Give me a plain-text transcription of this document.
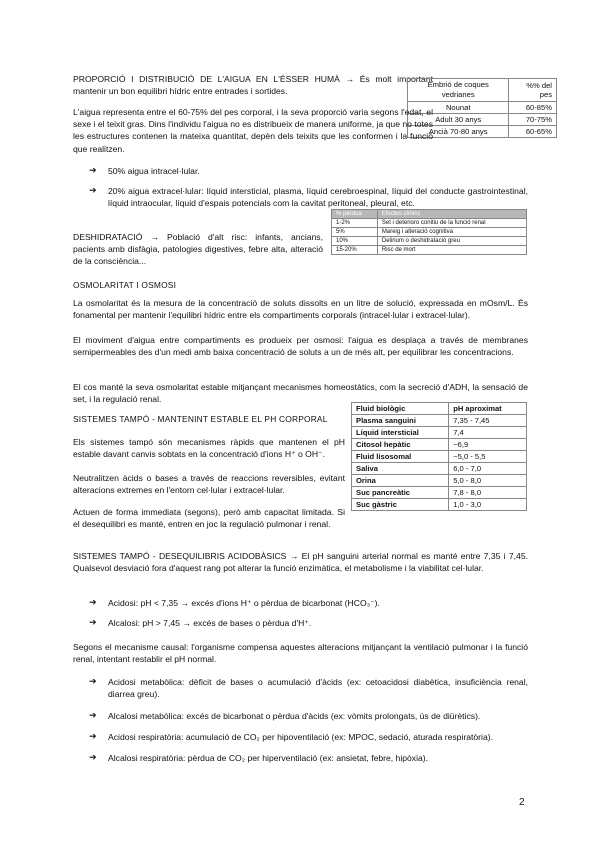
PROPORCIÓ I DISTRIBUCIÓ DE L'AIGUA EN L'ÉSSER HUMÀ → És molt important mantenir un bon equilibri hídric entre entrades i sortides.
Embrió de coques vedrianes	%% del pes
Nounat	60-85%
Adult 30 anys	70-75%
Ancià 70-80 anys	60-65%
L'aigua representa entre el 60-75% del pes corporal, i la seva proporció varia segons l'edat, el sexe i el teixit gras. Dins l'individu l'aigua no es distribueix de manera uniforme, ja que no totes les estructures contenen la mateixa quantitat, depèn dels teixits que les conformen i la funció que realitzen.
➔ 50% aigua intracel·lular.
➔ 20% aigua extracel·lular: líquid intersticial, plasma, líquid cerebroespinal, líquid del conducte gastrointestinal, líquid intraocular, líquid d'espais potencials com la cavitat peritoneal, pleural, etc.
% pèrdua	Efectes clínics
1-2%	Set i deterioro conitiu de la funció renal
5%	Mareig i alteració cognitiva
10%	Delirium o deshidratació greu
15-20%	Risc de mort
DESHIDRATACIÓ → Població d'alt risc: infants, ancians, pacients amb disfàgia, patologies digestives, febre alta, alteració de la consciència...
OSMOLARITAT I OSMOSI
La osmolaritat és la mesura de la concentració de soluts dissolts en un litre de solució, expressada en mOsm/L. És fonamental per mantenir l'equilibri hídric entre els compartiments corporals (intracel·lular i extracel·lular).
El moviment d'aigua entre compartiments es produeix per osmosi: l'aigua es desplaça a través de membranes semipermeables des d'un medi amb baixa concentració de soluts a un de més alt, per equilibrar les concentracions.
El cos manté la seva osmolaritat estable mitjançant mecanismes homeostàtics, com la secreció d'ADH, la sensació de set, i la regulació renal.
SISTEMES TAMPÓ - MANTENINT ESTABLE EL PH CORPORAL
Els sistemes tampó són mecanismes ràpids que mantenen el pH estable davant canvis sobtats en la concentració d'ions H⁺ o OH⁻.
Neutralitzen àcids o bases a través de reaccions reversibles, evitant alteracions extremes en l'entorn cel·lular i extracel·lular.
Actuen de forma immediata (segons), però amb capacitat limitada. Si el desequilibri es manté, entren en joc la regulació pulmonar i renal.
Fluid biològic	pH aproximat
Plasma sanguini	7,35 - 7,45
Líquid intersticial	7,4
Citosol hepàtic	~6,9
Fluid lisosomal	~5,0 - 5,5
Saliva	6,0 - 7,0
Orina	5,0 - 8,0
Suc pancreàtic	7,8 - 8,0
Suc gàstric	1,0 - 3,0
SISTEMES TAMPÓ - DESEQUILIBRIS ACIDOBÀSICS → El pH sanguini arterial normal es manté entre 7,35 i 7,45. Qualsevol desviació fora d'aquest rang pot alterar la funció enzimàtica, el metabolisme i la viabilitat cel·lular.
➔ Acidosi: pH < 7,35 → excés d'ions H⁺ o pèrdua de bicarbonat (HCO₃⁻).
➔ Alcalosi: pH > 7,45 → excés de bases o pèrdua d'H⁺.
Segons el mecanisme causal: l'organisme compensa aquestes alteracions mitjançant la ventilació pulmonar i la funció renal, intentant restablir el pH normal.
➔ Acidosi metabòlica: dèficit de bases o acumulació d'àcids (ex: cetoacidosi diabètica, insuficiència renal, diarrea greu).
➔ Alcalosi metabòlica: excés de bicarbonat o pèrdua d'àcids (ex: vòmits prolongats, ús de diürètics).
➔ Acidosi respiratòria: acumulació de CO₂ per hipoventilació (ex: MPOC, sedació, aturada respiratòria).
➔ Alcalosi respiratòria: pèrdua de CO₂ per hiperventilació (ex: ansietat, febre, hipòxia).
2
